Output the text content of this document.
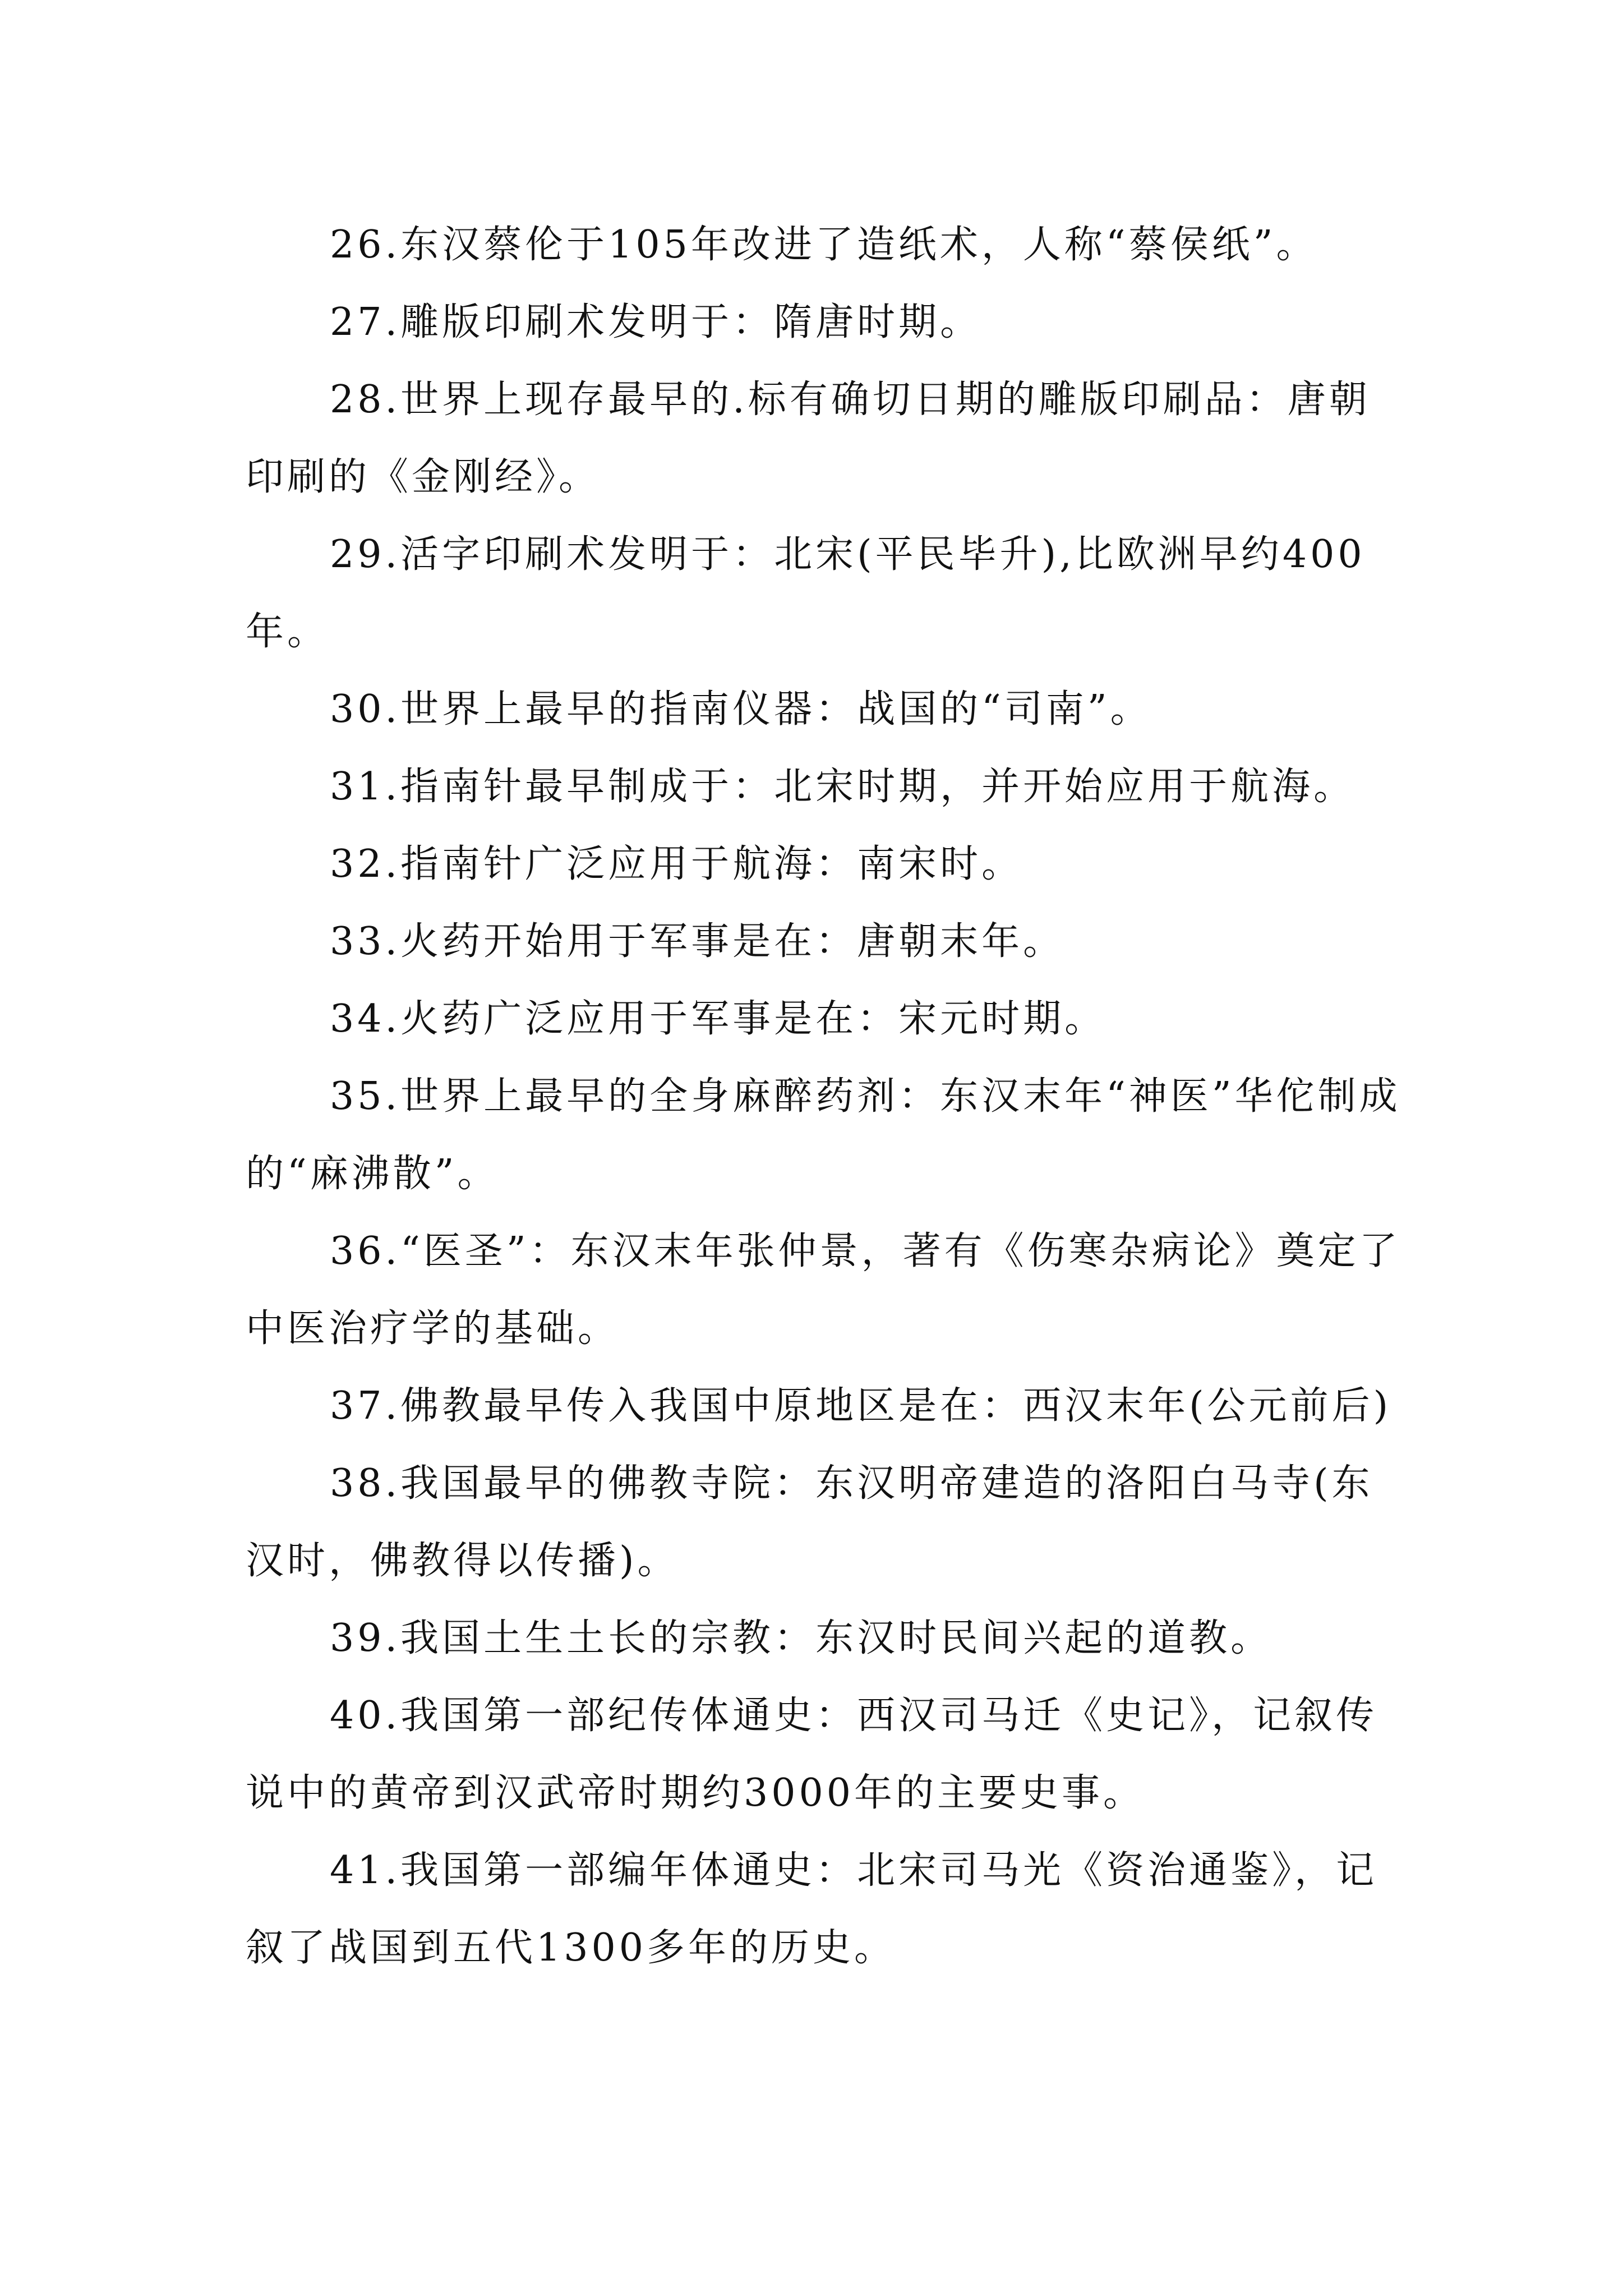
26.东汉蔡伦于105年改进了造纸术，人称“蔡侯纸”。

27.雕版印刷术发明于：隋唐时期。

28.世界上现存最早的.标有确切日期的雕版印刷品：唐朝印刷的《金刚经》。

29.活字印刷术发明于：北宋(平民毕升),比欧洲早约400年。

30.世界上最早的指南仪器：战国的“司南”。

31.指南针最早制成于：北宋时期，并开始应用于航海。

32.指南针广泛应用于航海：南宋时。

33.火药开始用于军事是在：唐朝末年。

34.火药广泛应用于军事是在：宋元时期。

35.世界上最早的全身麻醉药剂：东汉末年“神医”华佗制成的“麻沸散”。

36.“医圣”：东汉末年张仲景，著有《伤寒杂病论》奠定了中医治疗学的基础。

37.佛教最早传入我国中原地区是在：西汉末年(公元前后)

38.我国最早的佛教寺院：东汉明帝建造的洛阳白马寺(东汉时，佛教得以传播)。

39.我国土生土长的宗教：东汉时民间兴起的道教。

40.我国第一部纪传体通史：西汉司马迁《史记》，记叙传说中的黄帝到汉武帝时期约3000年的主要史事。

41.我国第一部编年体通史：北宋司马光《资治通鉴》，记叙了战国到五代1300多年的历史。
